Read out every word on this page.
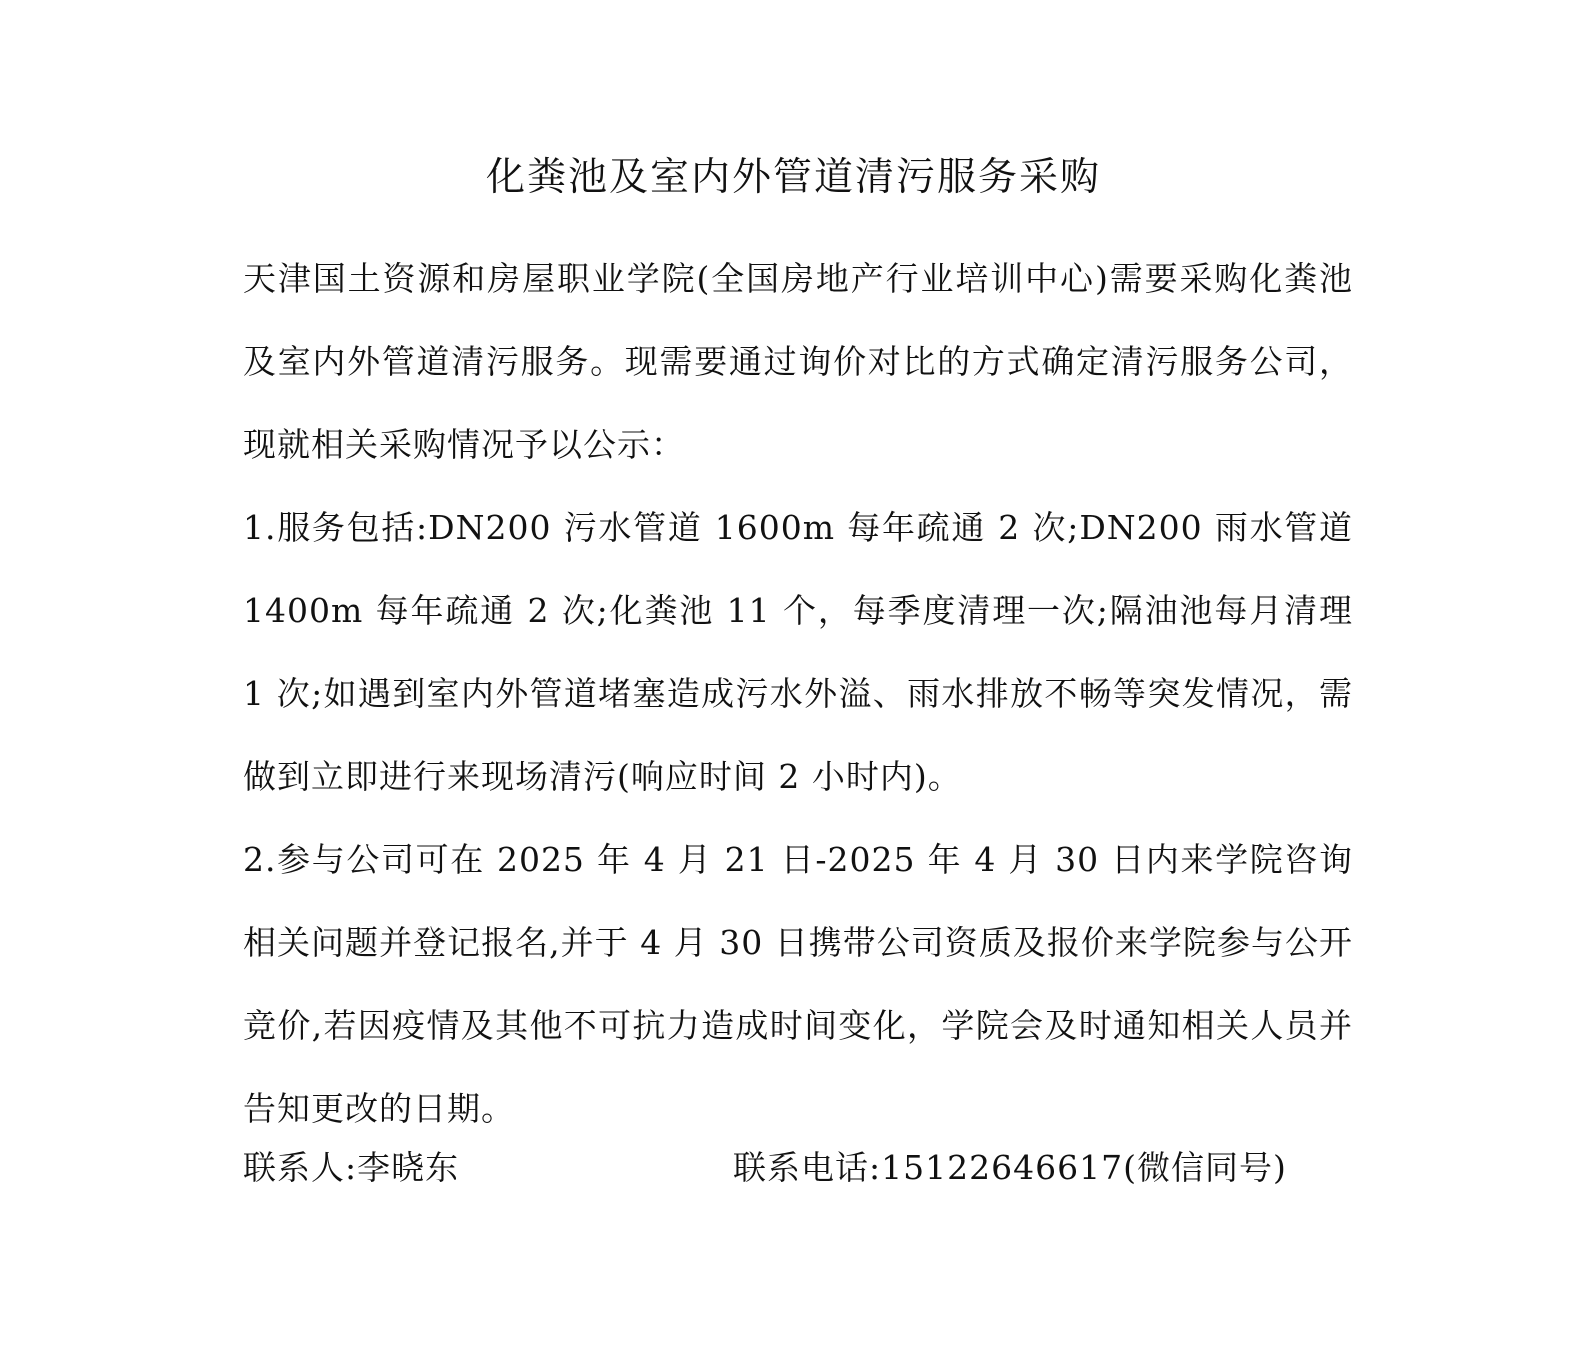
化粪池及室内外管道清污服务采购

天津国土资源和房屋职业学院(全国房地产行业培训中心)需要采购化粪池及室内外管道清污服务。现需要通过询价对比的方式确定清污服务公司，现就相关采购情况予以公示：

1.服务包括:DN200 污水管道 1600m 每年疏通 2 次;DN200 雨水管道 1400m 每年疏通 2 次;化粪池 11 个，每季度清理一次;隔油池每月清理 1 次;如遇到室内外管道堵塞造成污水外溢、雨水排放不畅等突发情况，需做到立即进行来现场清污(响应时间 2 小时内)。

2.参与公司可在 2025 年 4 月 21 日-2025 年 4 月 30 日内来学院咨询相关问题并登记报名,并于 4 月 30 日携带公司资质及报价来学院参与公开竞价,若因疫情及其他不可抗力造成时间变化，学院会及时通知相关人员并告知更改的日期。

联系人:李晓东	联系电话:15122646617(微信同号)
